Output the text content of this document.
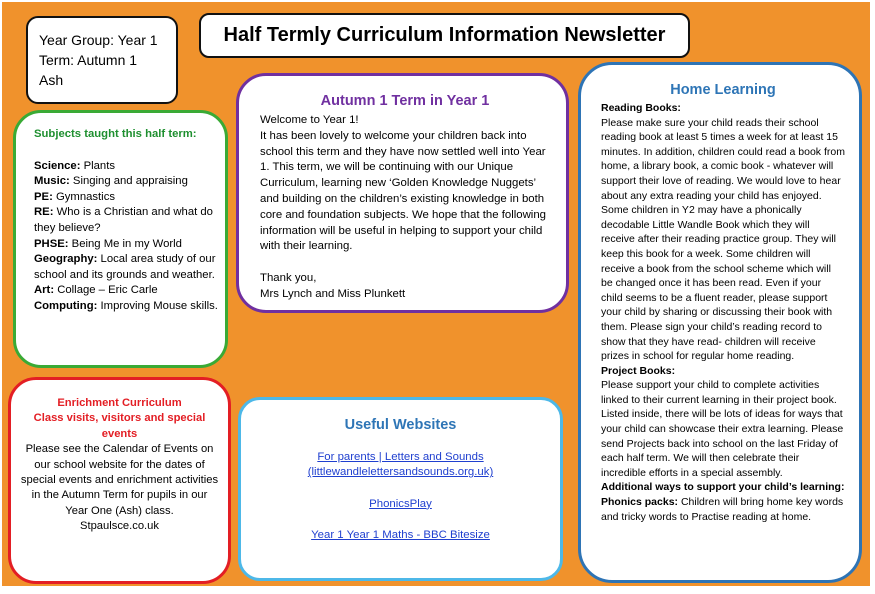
Year Group: Year 1
Term: Autumn 1
Ash
Half Termly Curriculum Information Newsletter
Subjects taught this half term:

Science: Plants

Music: Singing and appraising

PE: Gymnastics

RE: Who is a Christian and what do they believe?

PHSE: Being Me in my World

Geography: Local area study of our school and its grounds and weather.

Art: Collage – Eric Carle

Computing: Improving Mouse skills.

Autumn 1 Term in Year 1

Welcome to Year 1!

It has been lovely to welcome your children back into school this term and they have now settled well into Year 1. This term, we will be continuing with our Unique Curriculum, learning new ‘Golden Knowledge Nuggets’ and building on the children’s existing knowledge in both core and foundation subjects. We hope that the following information will be useful in helping to support your child with their learning.

Thank you,

Mrs Lynch and Miss Plunkett

Home Learning

Reading Books:

Please make sure your child reads their school reading book at least 5 times a week for at least 15 minutes. In addition, children could read a book from home, a library book, a comic book - whatever will support their love of reading. We would love to hear about any extra reading your child has enjoyed. Some children in Y2 may have a phonically decodable Little Wandle Book which they will receive after their reading practice group. They will keep this book for a week. Some children will receive a book from the school scheme which will be changed once it has been read. Even if your child seems to be a fluent reader, please support your child by sharing or discussing their book with them. Please sign your child’s reading record to show that they have read- children will receive prizes in school for regular home reading.

Project Books:

Please support your child to complete activities linked to their current learning in their project book. Listed inside, there will be lots of ideas for ways that your child can showcase their extra learning. Please send Projects back into school on the last Friday of each half term. We will then celebrate their incredible efforts in a special assembly.

Additional ways to support your child’s learning:

Phonics packs: Children will bring home key words and tricky words to Practise reading at home.

Enrichment Curriculum
Class visits, visitors and special events

Please see the Calendar of Events on our school website for the dates of special events and enrichment activities in the Autumn Term for pupils in our Year One (Ash) class.

Stpaulsce.co.uk

Useful Websites
For parents | Letters and Sounds
(littlewandlelettersandsounds.org.uk)
PhonicsPlay
Year 1 Year 1 Maths - BBC Bitesize
